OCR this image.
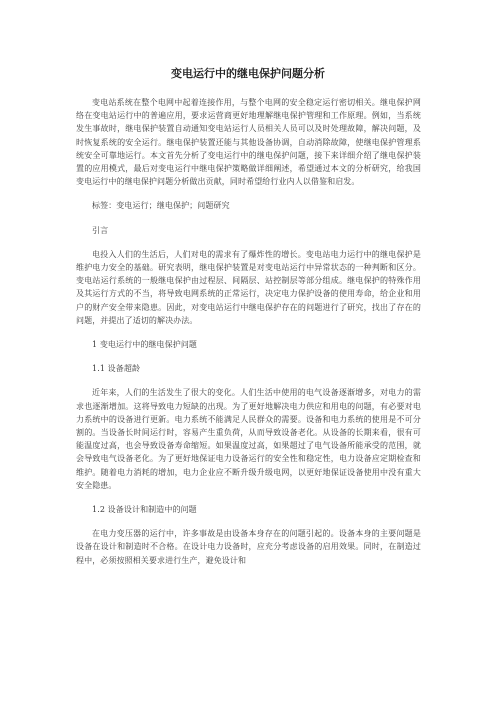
变电运行中的继电保护问题分析

变电站系统在整个电网中起着连接作用，与整个电网的安全稳定运行密切相关。继电保护网络在变电站运行中的普遍应用，要求运营商更好地理解继电保护管理和工作原理。例如，当系统发生事故时，继电保护装置自动通知变电站运行人员相关人员可以及时处理故障，解决问题，及时恢复系统的安全运行。继电保护装置还能与其他设备协调，自动消除故障，使继电保护管理系统安全可靠地运行。本文首先分析了变电运行中的继电保护问题，接下来详细介绍了继电保护装置的应用模式，最后对变电运行中继电保护策略做详细阐述，希望通过本文的分析研究，给我国变电运行中的继电保护问题分析做出贡献，同时希望给行业内人以借鉴和启发。

标签：变电运行；继电保护；问题研究

引言

电投入人们的生活后，人们对电的需求有了爆炸性的增长。变电站电力运行中的继电保护是维护电力安全的基础。研究表明，继电保护装置是对变电站运行中异常状态的一种判断和区分。变电站运行系统的一般继电保护由过程层、间隔层、站控制层等部分组成。继电保护的特殊作用及其运行方式的不当，将导致电网系统的正常运行，决定电力保护设备的使用寿命，给企业和用户的财产安全带来隐患。因此，对变电站运行中继电保护存在的问题进行了研究，找出了存在的问题，并提出了适切的解决办法。

1 变电运行中的继电保护问题

1.1 设备超龄

近年来，人们的生活发生了很大的变化。人们生活中使用的电气设备逐渐增多，对电力的需求也逐渐增加。这将导致电力短缺的出现。为了更好地解决电力供应和用电的问题，有必要对电力系统中的设备进行更新。电力系统不能满足人民群众的需要。设备和电力系统的使用是不可分割的。当设备长时间运行时，容易产生重负荷，从而导致设备老化。从设备的长期来看，很有可能温度过高，也会导致设备寿命缩短。如果温度过高，如果超过了电气设备所能承受的范围，就会导致电气设备老化。为了更好地保证电力设备运行的安全性和稳定性，电力设备应定期检查和维护。随着电力消耗的增加，电力企业应不断升级升级电网，以更好地保证设备使用中没有重大安全隐患。

1.2 设备设计和制造中的问题

在电力变压器的运行中，许多事故是由设备本身存在的问题引起的。设备本身的主要问题是设备在设计和制造时不合格。在设计电力设备时，应充分考虑设备的启用效果。同时，在制造过程中，必须按照相关要求进行生产，避免设计和
